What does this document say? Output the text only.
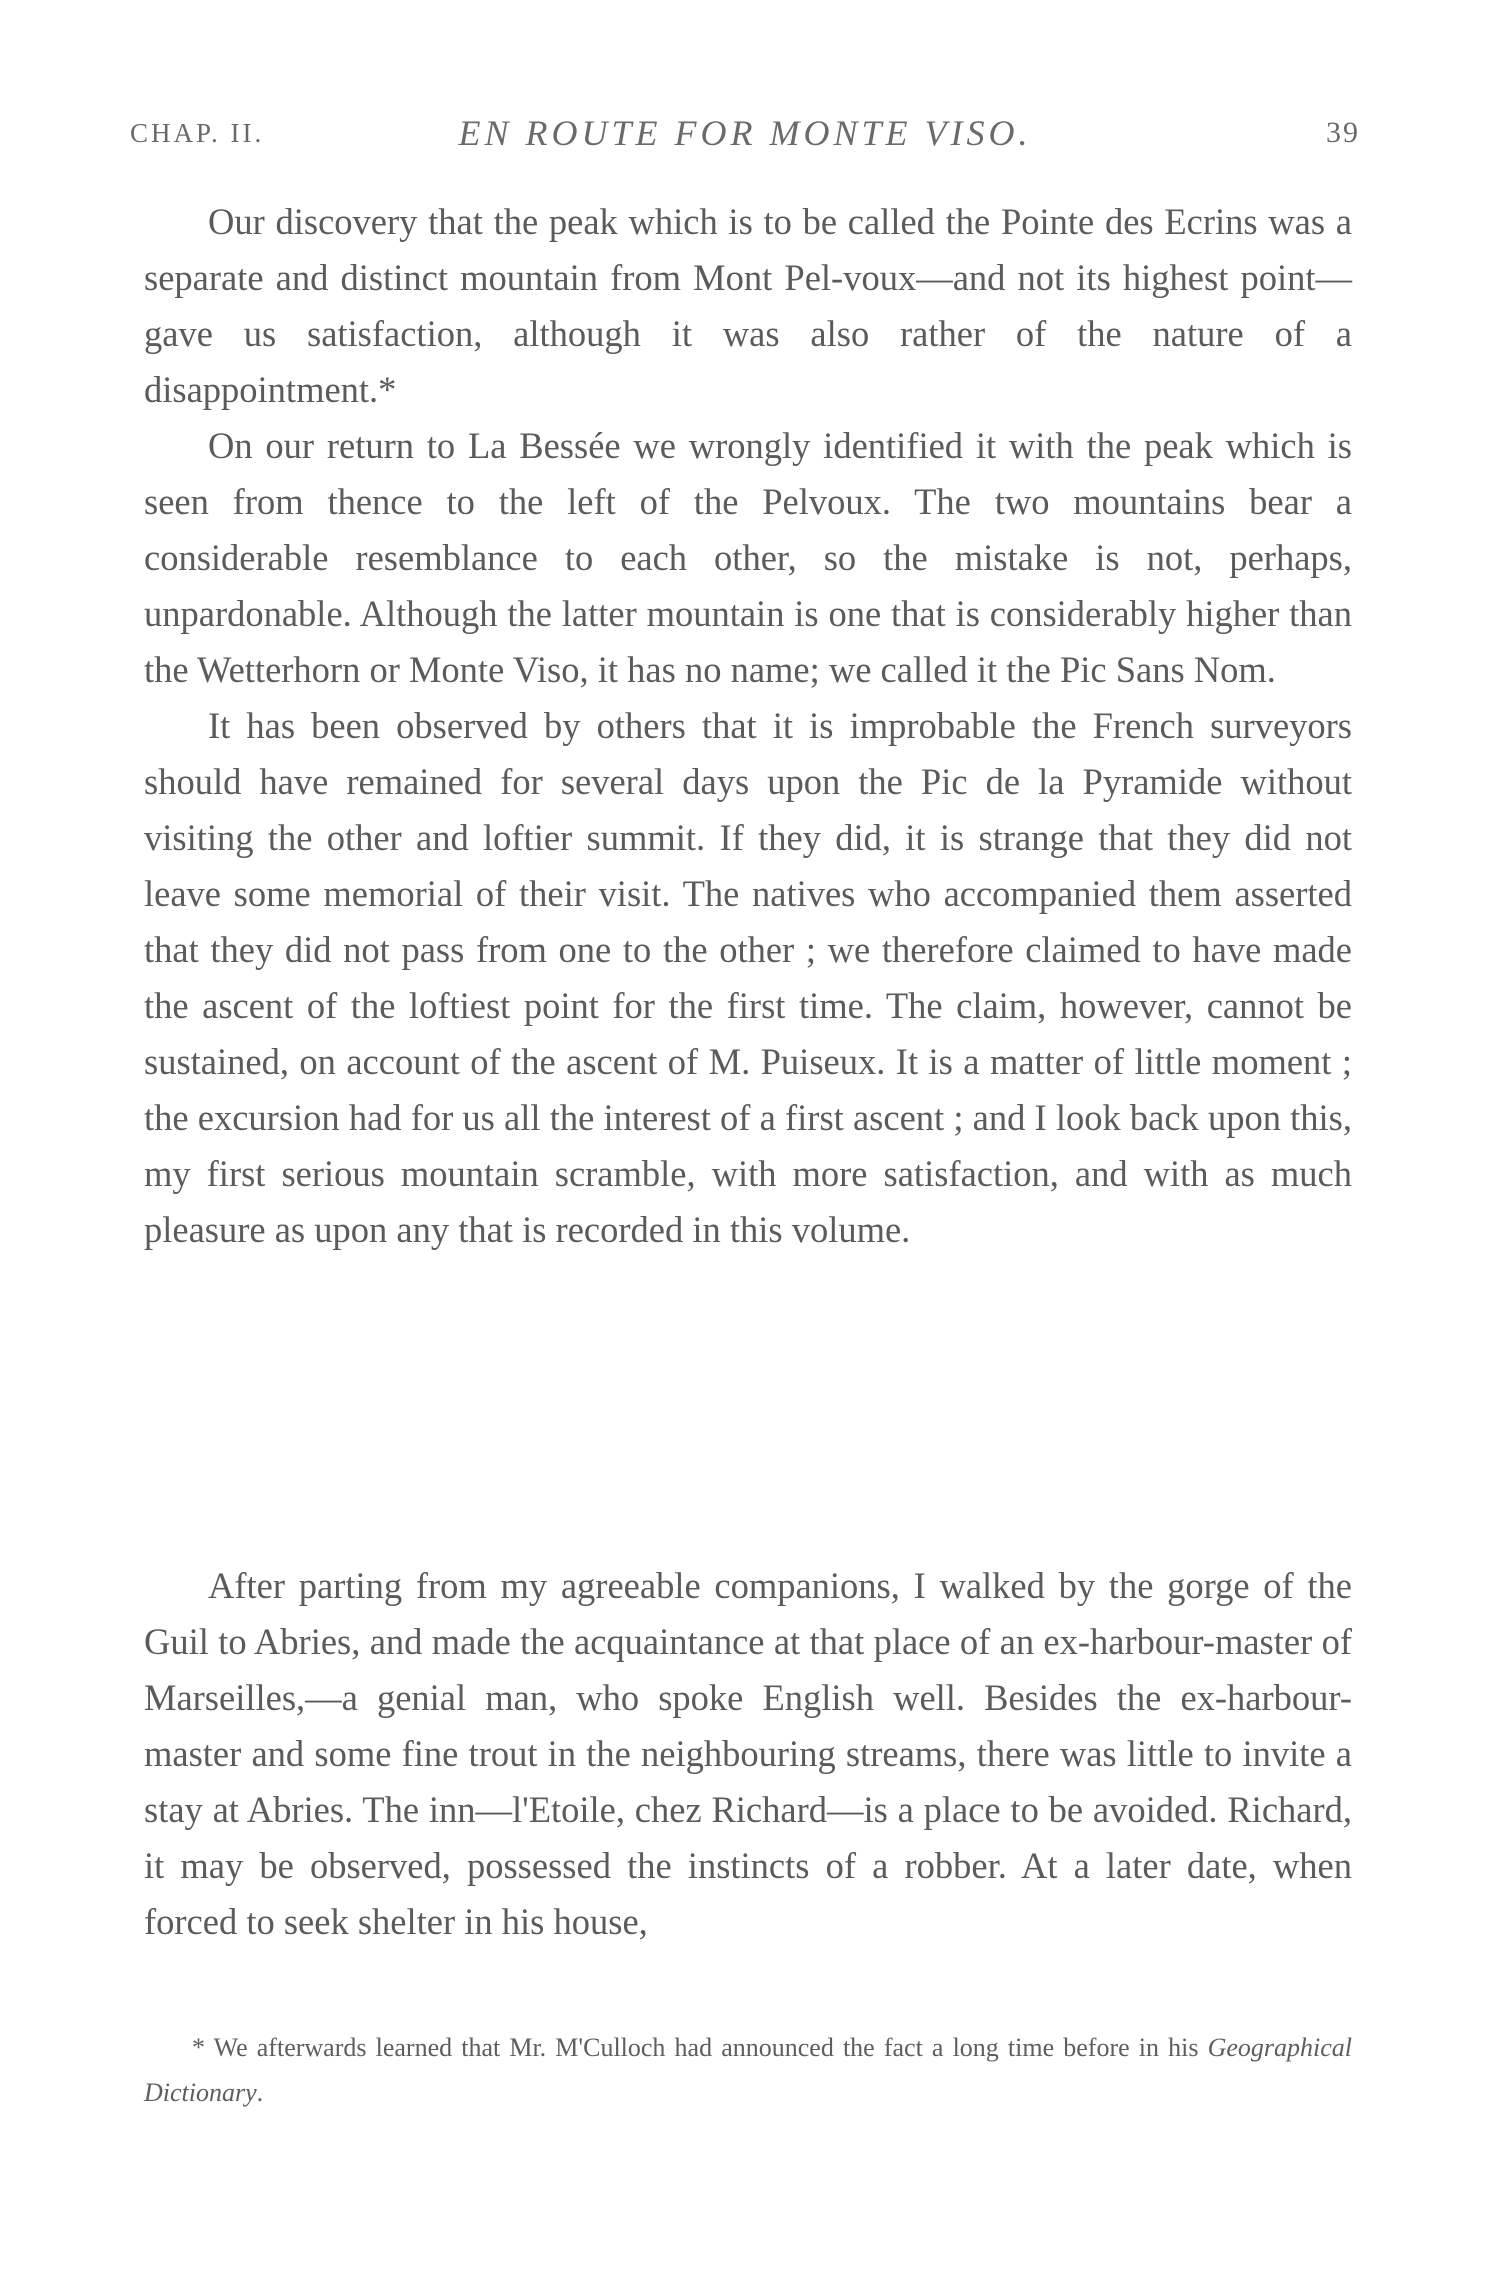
CHAP. II.	EN ROUTE FOR MONTE VISO.	39

Our discovery that the peak which is to be called the Pointe des Ecrins was a separate and distinct mountain from Mont Pel-voux—and not its highest point—gave us satisfaction, although it was also rather of the nature of a disappointment.*

On our return to La Bessée we wrongly identified it with the peak which is seen from thence to the left of the Pelvoux. The two mountains bear a considerable resemblance to each other, so the mistake is not, perhaps, unpardonable. Although the latter mountain is one that is considerably higher than the Wetterhorn or Monte Viso, it has no name; we called it the Pic Sans Nom.

It has been observed by others that it is improbable the French surveyors should have remained for several days upon the Pic de la Pyramide without visiting the other and loftier summit. If they did, it is strange that they did not leave some memorial of their visit. The natives who accompanied them asserted that they did not pass from one to the other ; we therefore claimed to have made the ascent of the loftiest point for the first time. The claim, however, cannot be sustained, on account of the ascent of M. Puiseux. It is a matter of little moment ; the excursion had for us all the interest of a first ascent ; and I look back upon this, my first serious mountain scramble, with more satisfaction, and with as much pleasure as upon any that is recorded in this volume.

After parting from my agreeable companions, I walked by the gorge of the Guil to Abries, and made the acquaintance at that place of an ex-harbour-master of Marseilles,—a genial man, who spoke English well. Besides the ex-harbour-master and some fine trout in the neighbouring streams, there was little to invite a stay at Abries. The inn—l'Etoile, chez Richard—is a place to be avoided. Richard, it may be observed, possessed the instincts of a robber. At a later date, when forced to seek shelter in his house,

* We afterwards learned that Mr. M'Culloch had announced the fact a long time before in his Geographical Dictionary.
